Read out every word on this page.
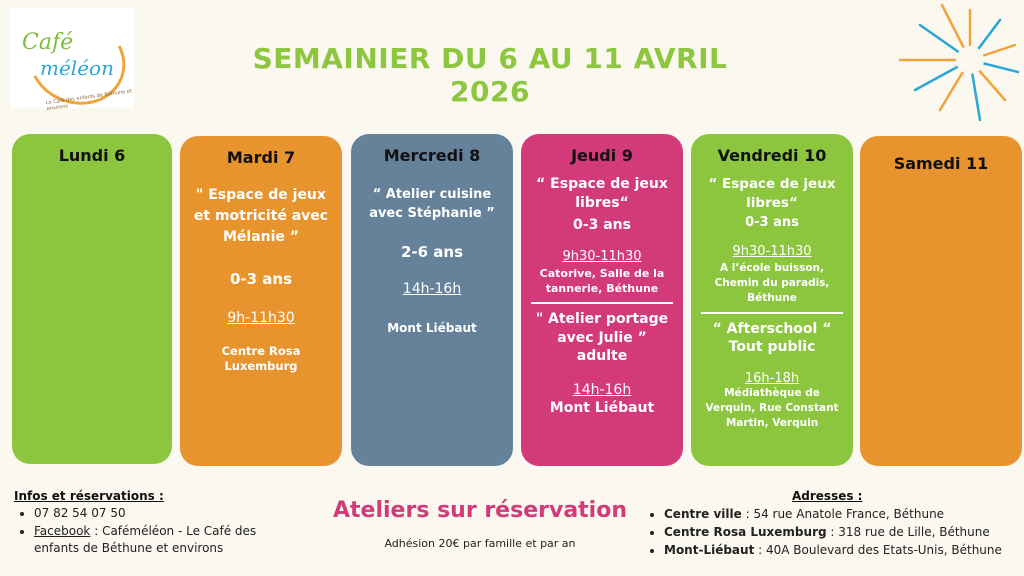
Café
méléon
Le Café des enfants de Béthune et environs
SEMAINIER DU 6 AU 11 AVRIL 2026
Lundi 6	Mardi 7
" Espace de jeux et motricité avec Mélanie ”
0-3 ans
9h-11h30
Centre Rosa Luxemburg
Mercredi 8
“ Atelier cuisine avec Stéphanie ”
2-6 ans
14h-16h
Mont Liébaut
Jeudi 9
“ Espace de jeux libres“
0-3 ans
9h30-11h30
Catorive, Salle de la tannerie, Béthune
" Atelier portage avec Julie ”
adulte
14h-16h
Mont Liébaut
Vendredi 10
“ Espace de jeux libres“
0-3 ans
9h30-11h30
A l’école buisson, Chemin du paradis, Béthune
“ Afterschool “
Tout public
16h-18h
Médiathèque de Verquin, Rue Constant Martin, Verquin
Samedi 11
Infos et réservations :
• 07 82 54 07 50
• Facebook : Caféméléon - Le Café des enfants de Béthune et environs
Ateliers sur réservation
Adhésion 20€ par famille et par an
Adresses :
• Centre ville : 54 rue Anatole France, Béthune
• Centre Rosa Luxemburg : 318 rue de Lille, Béthune
• Mont-Liébaut : 40A Boulevard des Etats-Unis, Béthune
